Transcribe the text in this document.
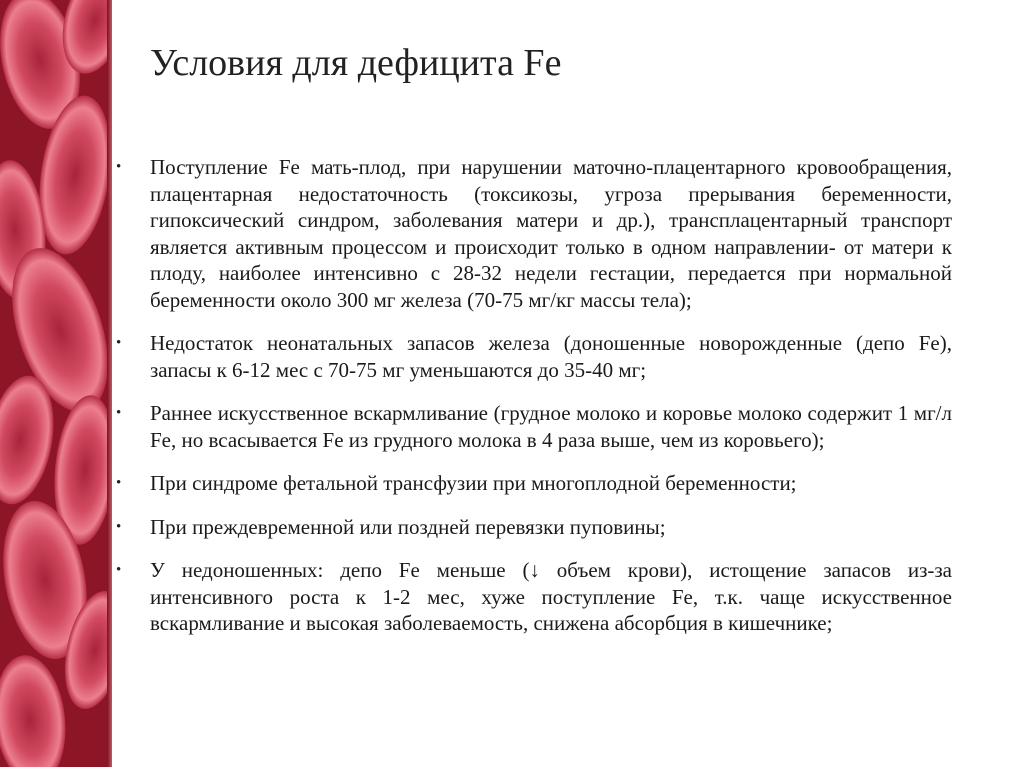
Условия для дефицита Fe
• Поступление Fe мать-плод, при нарушении маточно-плацентарного кровообращения, плацентарная недостаточность (токсикозы, угроза прерывания беременности, гипоксический синдром, заболевания матери и др.), трансплацентарный транспорт является активным процессом и происходит только в одном направлении- от матери к плоду, наиболее интенсивно с 28-32 недели гестации, передается при нормальной беременности около 300 мг железа (70-75 мг/кг массы тела);
• Недостаток неонатальных запасов железа (доношенные новорожденные (депо Fe), запасы к 6-12 мес с 70-75 мг уменьшаются до 35-40 мг;
• Раннее искусственное вскармливание (грудное молоко и коровье молоко содержит 1 мг/л Fe, но всасывается Fe из грудного молока в 4 раза выше, чем из коровьего);
• При синдроме фетальной трансфузии при многоплодной беременности;
• При преждевременной или поздней перевязки пуповины;
• У недоношенных: депо Fe меньше (↓ объем крови), истощение запасов из-за интенсивного роста к 1-2 мес, хуже поступление Fe, т.к. чаще искусственное вскармливание и высокая заболеваемость, снижена абсорбция в кишечнике;
